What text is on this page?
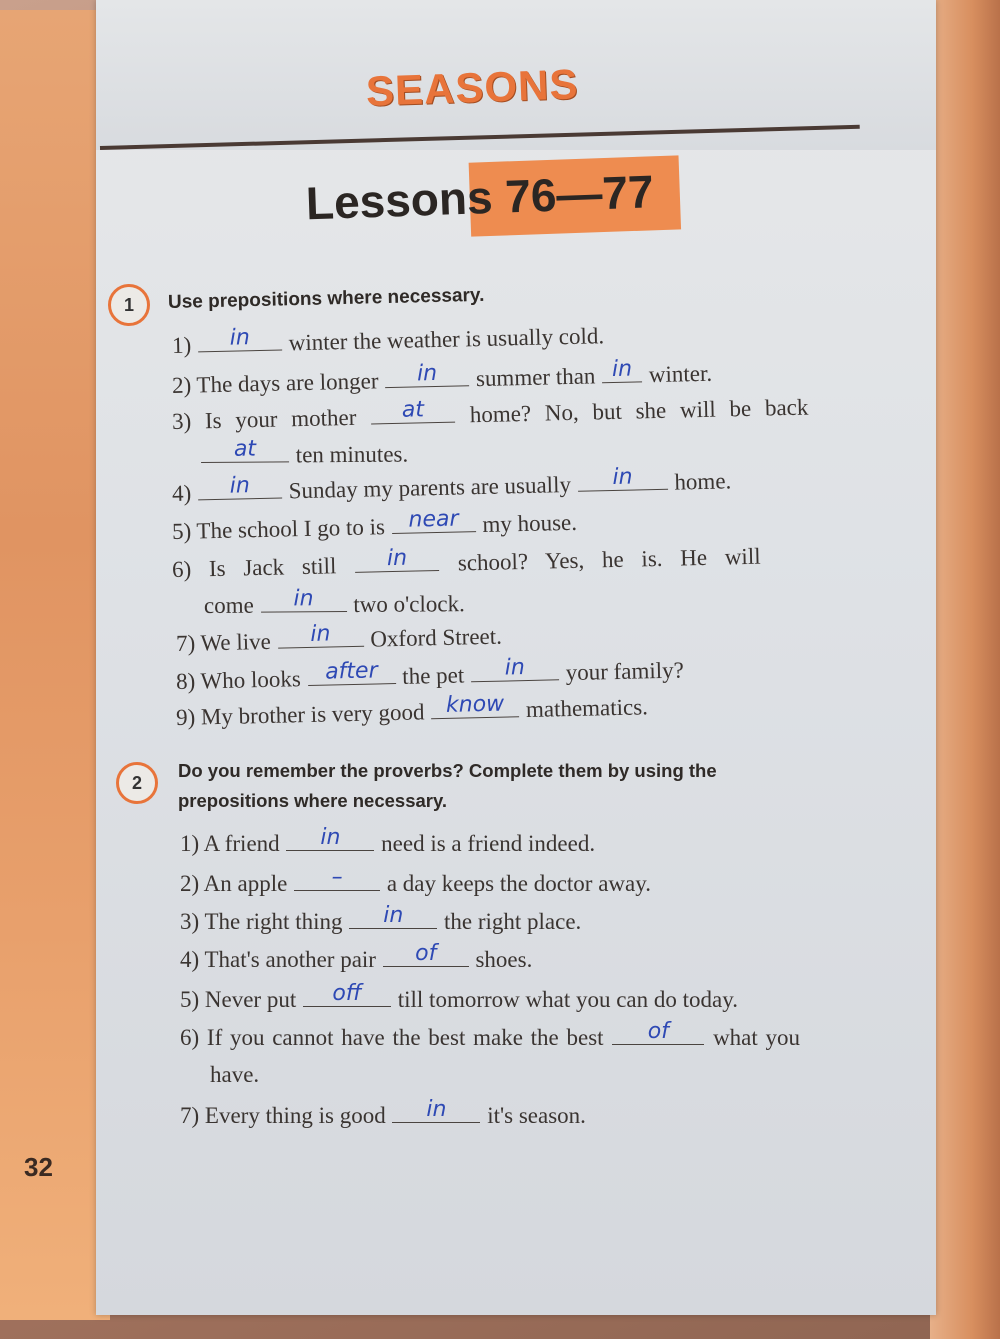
SEASONS
Lessons 76—77
1	Use prepositions where necessary.
1)	in	winter the weather is usually cold.
2) The days are longer	in	summer than in winter.
3) Is your mother	at	home? No, but she will be back
at	ten minutes.
4)	in	Sunday my parents are usually	in	home.
5) The school I go to is	near	my house.
6) Is Jack still	in	school? Yes, he is. He will
come	in	two o'clock.
7) We live	in	Oxford Street.
8) Who looks	after	the pet	in	your family?
9) My brother is very good know mathematics.
2
Do you remember the proverbs? Complete them by using the
prepositions where necessary.
1) A friend	in	need is a friend indeed.
2) An apple	–	a day keeps the doctor away.
3) The right thing	in	the right place.
4) That's another pair	of	shoes.
5) Never put	off	till tomorrow what you can do today.
6) If you cannot have the best make the best	of	what you
have.
7) Every thing is good	in	it's season.
32
